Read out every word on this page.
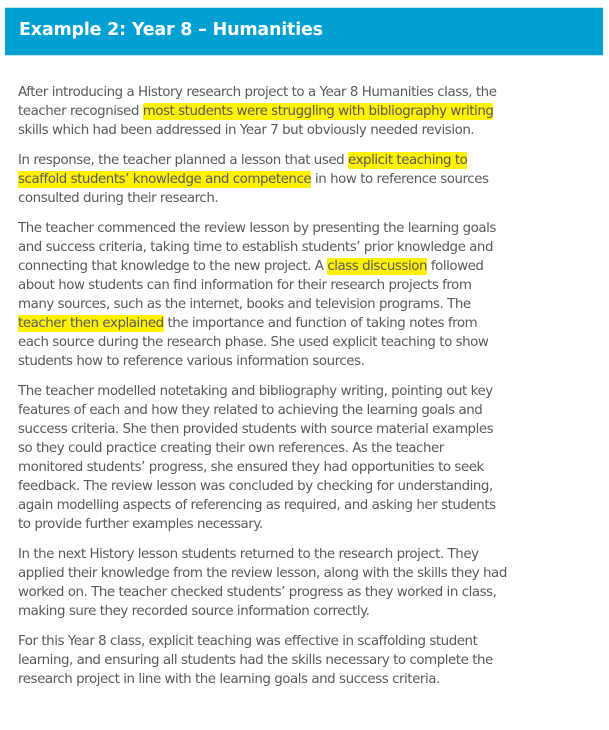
Example 2: Year 8 – Humanities

After introducing a History research project to a Year 8 Humanities class, the
teacher recognised most students were struggling with bibliography writing
skills which had been addressed in Year 7 but obviously needed revision.

In response, the teacher planned a lesson that used explicit teaching to
scaffold students’ knowledge and competence in how to reference sources
consulted during their research.

The teacher commenced the review lesson by presenting the learning goals
and success criteria, taking time to establish students’ prior knowledge and
connecting that knowledge to the new project. A class discussion followed
about how students can find information for their research projects from
many sources, such as the internet, books and television programs. The
teacher then explained the importance and function of taking notes from
each source during the research phase. She used explicit teaching to show
students how to reference various information sources.

The teacher modelled notetaking and bibliography writing, pointing out key
features of each and how they related to achieving the learning goals and
success criteria. She then provided students with source material examples
so they could practice creating their own references. As the teacher
monitored students’ progress, she ensured they had opportunities to seek
feedback. The review lesson was concluded by checking for understanding,
again modelling aspects of referencing as required, and asking her students
to provide further examples necessary.

In the next History lesson students returned to the research project. They
applied their knowledge from the review lesson, along with the skills they had
worked on. The teacher checked students’ progress as they worked in class,
making sure they recorded source information correctly.

For this Year 8 class, explicit teaching was effective in scaffolding student
learning, and ensuring all students had the skills necessary to complete the
research project in line with the learning goals and success criteria.
